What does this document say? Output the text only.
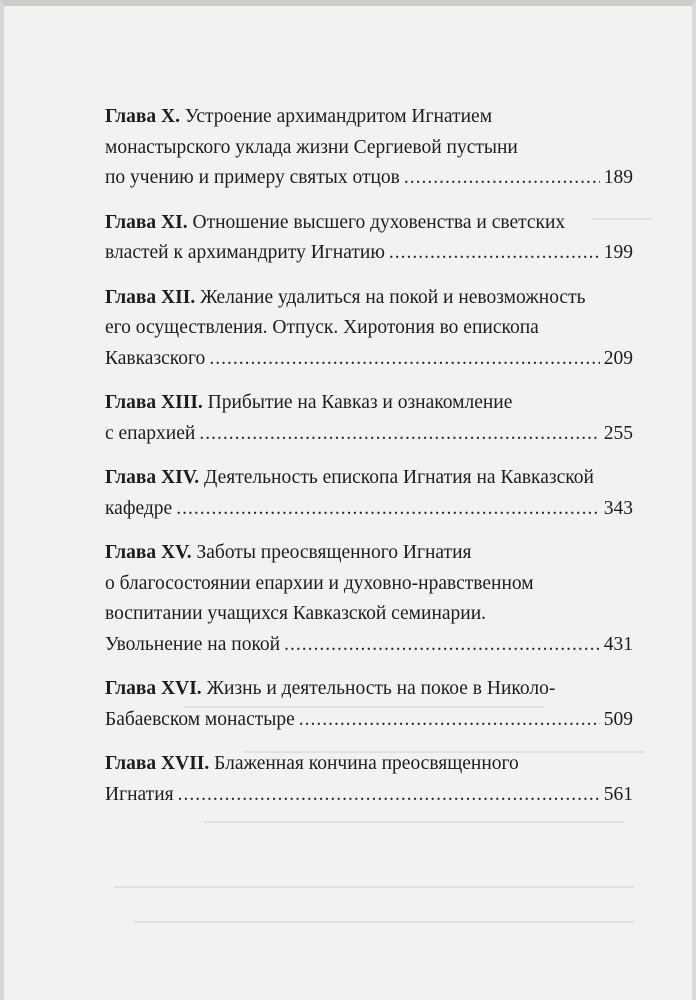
Глава X. Устроение архимандритом Игнатием
монастырского уклада жизни Сергиевой пустыни
по учению и примеру святых отцов .....	189
Глава XI. Отношение высшего духовенства и светских
властей к архимандриту Игнатию .....	199
Глава XII. Желание удалиться на покой и невозможность
его осуществления. Отпуск. Хиротония во епископа
Кавказского .....	209
Глава XIII. Прибытие на Кавказ и ознакомление
с епархией .....	255
Глава XIV. Деятельность епископа Игнатия на Кавказской
кафедре .....	343
Глава XV. Заботы преосвященного Игнатия
о благосостоянии епархии и духовно-нравственном
воспитании учащихся Кавказской семинарии.
Увольнение на покой .....	431
Глава XVI. Жизнь и деятельность на покое в Николо-
Бабаевском монастыре .....	509
Глава XVII. Блаженная кончина преосвященного
Игнатия .....	561
